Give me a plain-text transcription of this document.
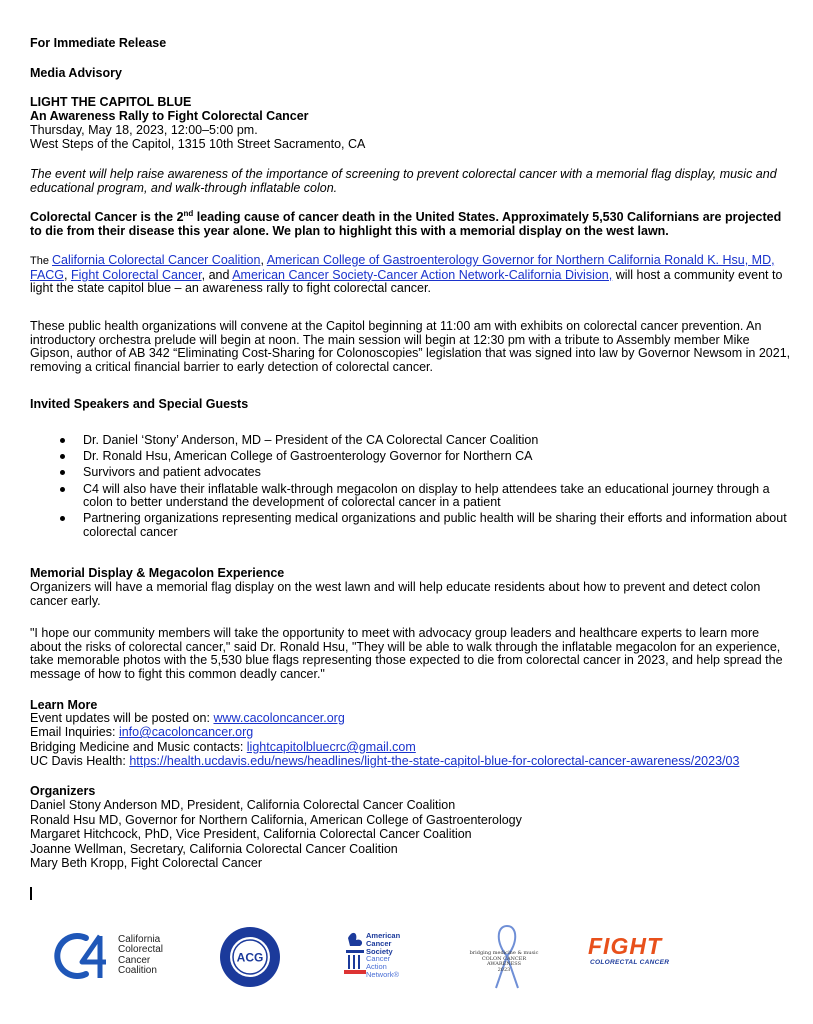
For Immediate Release

Media Advisory

LIGHT THE CAPITOL BLUE

An Awareness Rally to Fight Colorectal Cancer

Thursday, May 18, 2023, 12:00–5:00 pm.

West Steps of the Capitol, 1315 10th Street Sacramento, CA

The event will help raise awareness of the importance of screening to prevent colorectal cancer with a memorial flag display, music and educational program, and walk-through inflatable colon.

Colorectal Cancer is the 2nd leading cause of cancer death in the United States. Approximately 5,530 Californians are projected to die from their disease this year alone. We plan to highlight this with a memorial display on the west lawn.

The California Colorectal Cancer Coalition, American College of Gastroenterology Governor for Northern California Ronald K. Hsu, MD, FACG, Fight Colorectal Cancer, and American Cancer Society-Cancer Action Network-California Division, will host a community event to light the state capitol blue – an awareness rally to fight colorectal cancer.

These public health organizations will convene at the Capitol beginning at 11:00 am with exhibits on colorectal cancer prevention. An introductory orchestra prelude will begin at noon. The main session will begin at 12:30 pm with a tribute to Assembly member Mike Gipson, author of AB 342 “Eliminating Cost-Sharing for Colonoscopies” legislation that was signed into law by Governor Newsom in 2021, removing a critical financial barrier to early detection of colorectal cancer.

Invited Speakers and Special Guests

Dr. Daniel ‘Stony’ Anderson, MD – President of the CA Colorectal Cancer Coalition
Dr. Ronald Hsu, American College of Gastroenterology Governor for Northern CA
Survivors and patient advocates
C4 will also have their inflatable walk-through megacolon on display to help attendees take an educational journey through a colon to better understand the development of colorectal cancer in a patient
Partnering organizations representing medical organizations and public health will be sharing their efforts and information about colorectal cancer

Memorial Display & Megacolon Experience

Organizers will have a memorial flag display on the west lawn and will help educate residents about how to prevent and detect colon cancer early.

"I hope our community members will take the opportunity to meet with advocacy group leaders and healthcare experts to learn more about the risks of colorectal cancer," said Dr. Ronald Hsu, "They will be able to walk through the inflatable megacolon for an experience, take memorable photos with the 5,530 blue flags representing those expected to die from colorectal cancer in 2023, and help spread the message of how to fight this common deadly cancer."

Learn More

Event updates will be posted on: www.cacoloncancer.org

Email Inquiries: info@cacoloncancer.org

Bridging Medicine and Music contacts: lightcapitolbluecrc@gmail.com

UC Davis Health: https://health.ucdavis.edu/news/headlines/light-the-state-capitol-blue-for-colorectal-cancer-awareness/2023/03

Organizers

Daniel Stony Anderson MD, President, California Colorectal Cancer Coalition

Ronald Hsu MD, Governor for Northern California, American College of Gastroenterology

Margaret Hitchcock, PhD, Vice President, California Colorectal Cancer Coalition

Joanne Wellman, Secretary, California Colorectal Cancer Coalition

Mary Beth Kropp, Fight Colorectal Cancer

California
Colorectal
Cancer
Coalition
ACG
American
Cancer
Society
Cancer
Action
Network®
bridging medicine & music
COLON CANCER AWARENESS
2023
FIGHT
COLORECTAL CANCER
